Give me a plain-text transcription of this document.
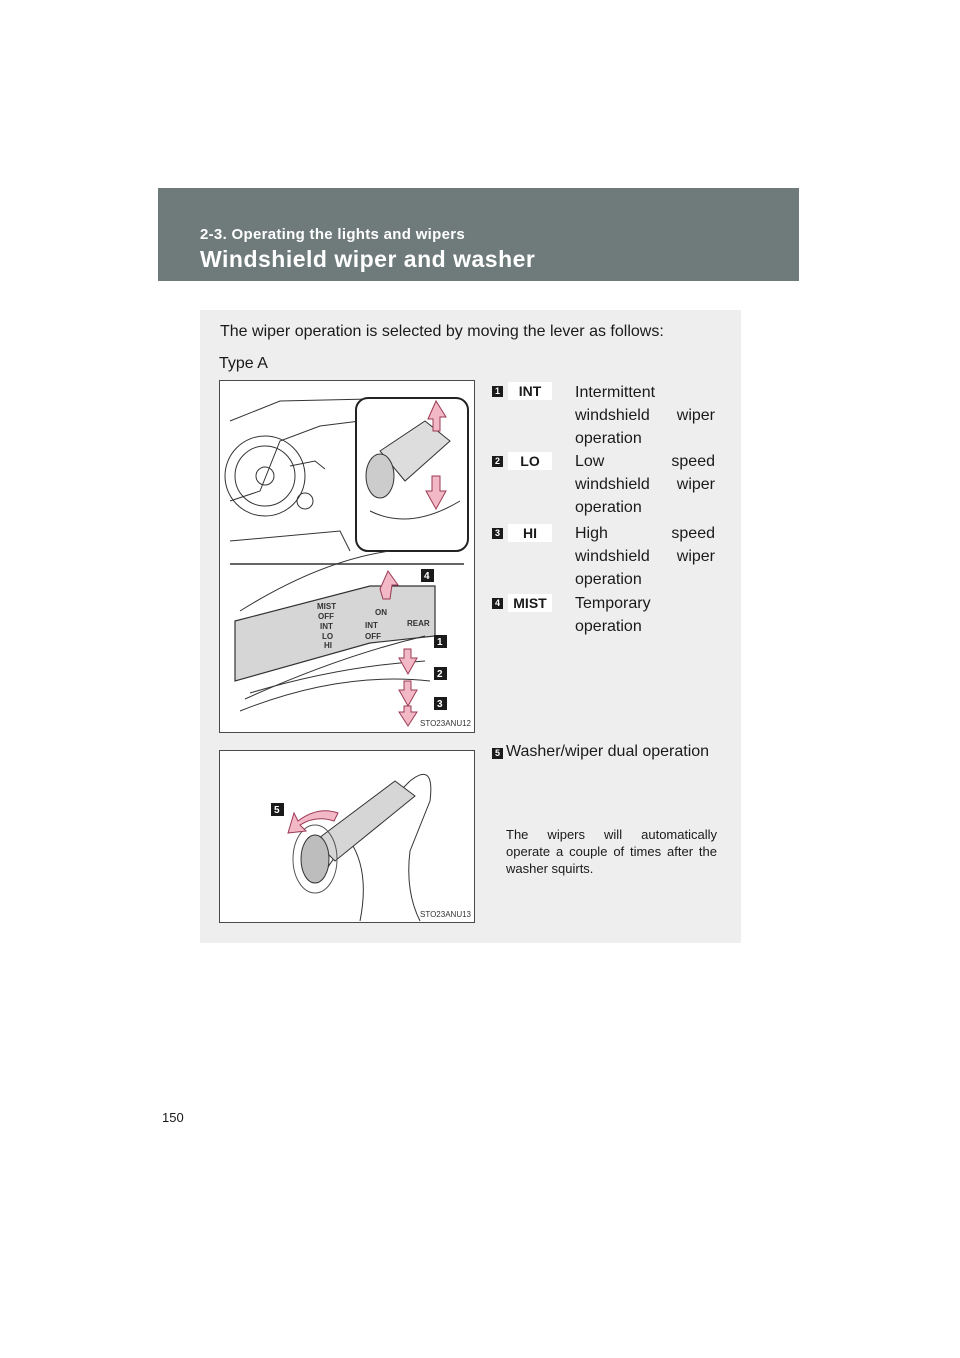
2-3. Operating the lights and wipers
Windshield wiper and washer
The wiper operation is selected by moving the lever as follows:
Type A
MIST
OFF
INT
LO
HI
ON
INT
OFF
REAR
4
1
2
3
STO23ANU12
1	INT	Intermittent windshield wiper operation
2	LO	Low speed windshield wiper operation
3	HI	High speed windshield wiper operation
4 MIST	Temporary operation
5
STO23ANU13
5 Washer/wiper dual operation
The wipers will automatically operate a couple of times after the washer squirts.
150
